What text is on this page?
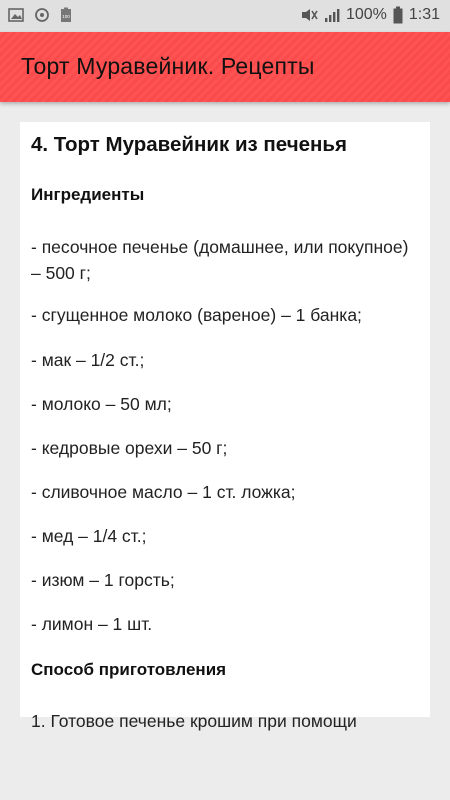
100	100% 1:31
Торт Муравейник. Рецепты
4. Торт Муравейник из печенья
Ингредиенты
- песочное печенье (домашнее, или покупное) – 500 г;
- сгущенное молоко (вареное) – 1 банка;
- мак – 1/2 ст.;
- молоко – 50 мл;
- кедровые орехи – 50 г;
- сливочное масло – 1 ст. ложка;
- мед – 1/4 ст.;
- изюм – 1 горсть;
- лимон – 1 шт.
Способ приготовления
1. Готовое печенье крошим при помощи
